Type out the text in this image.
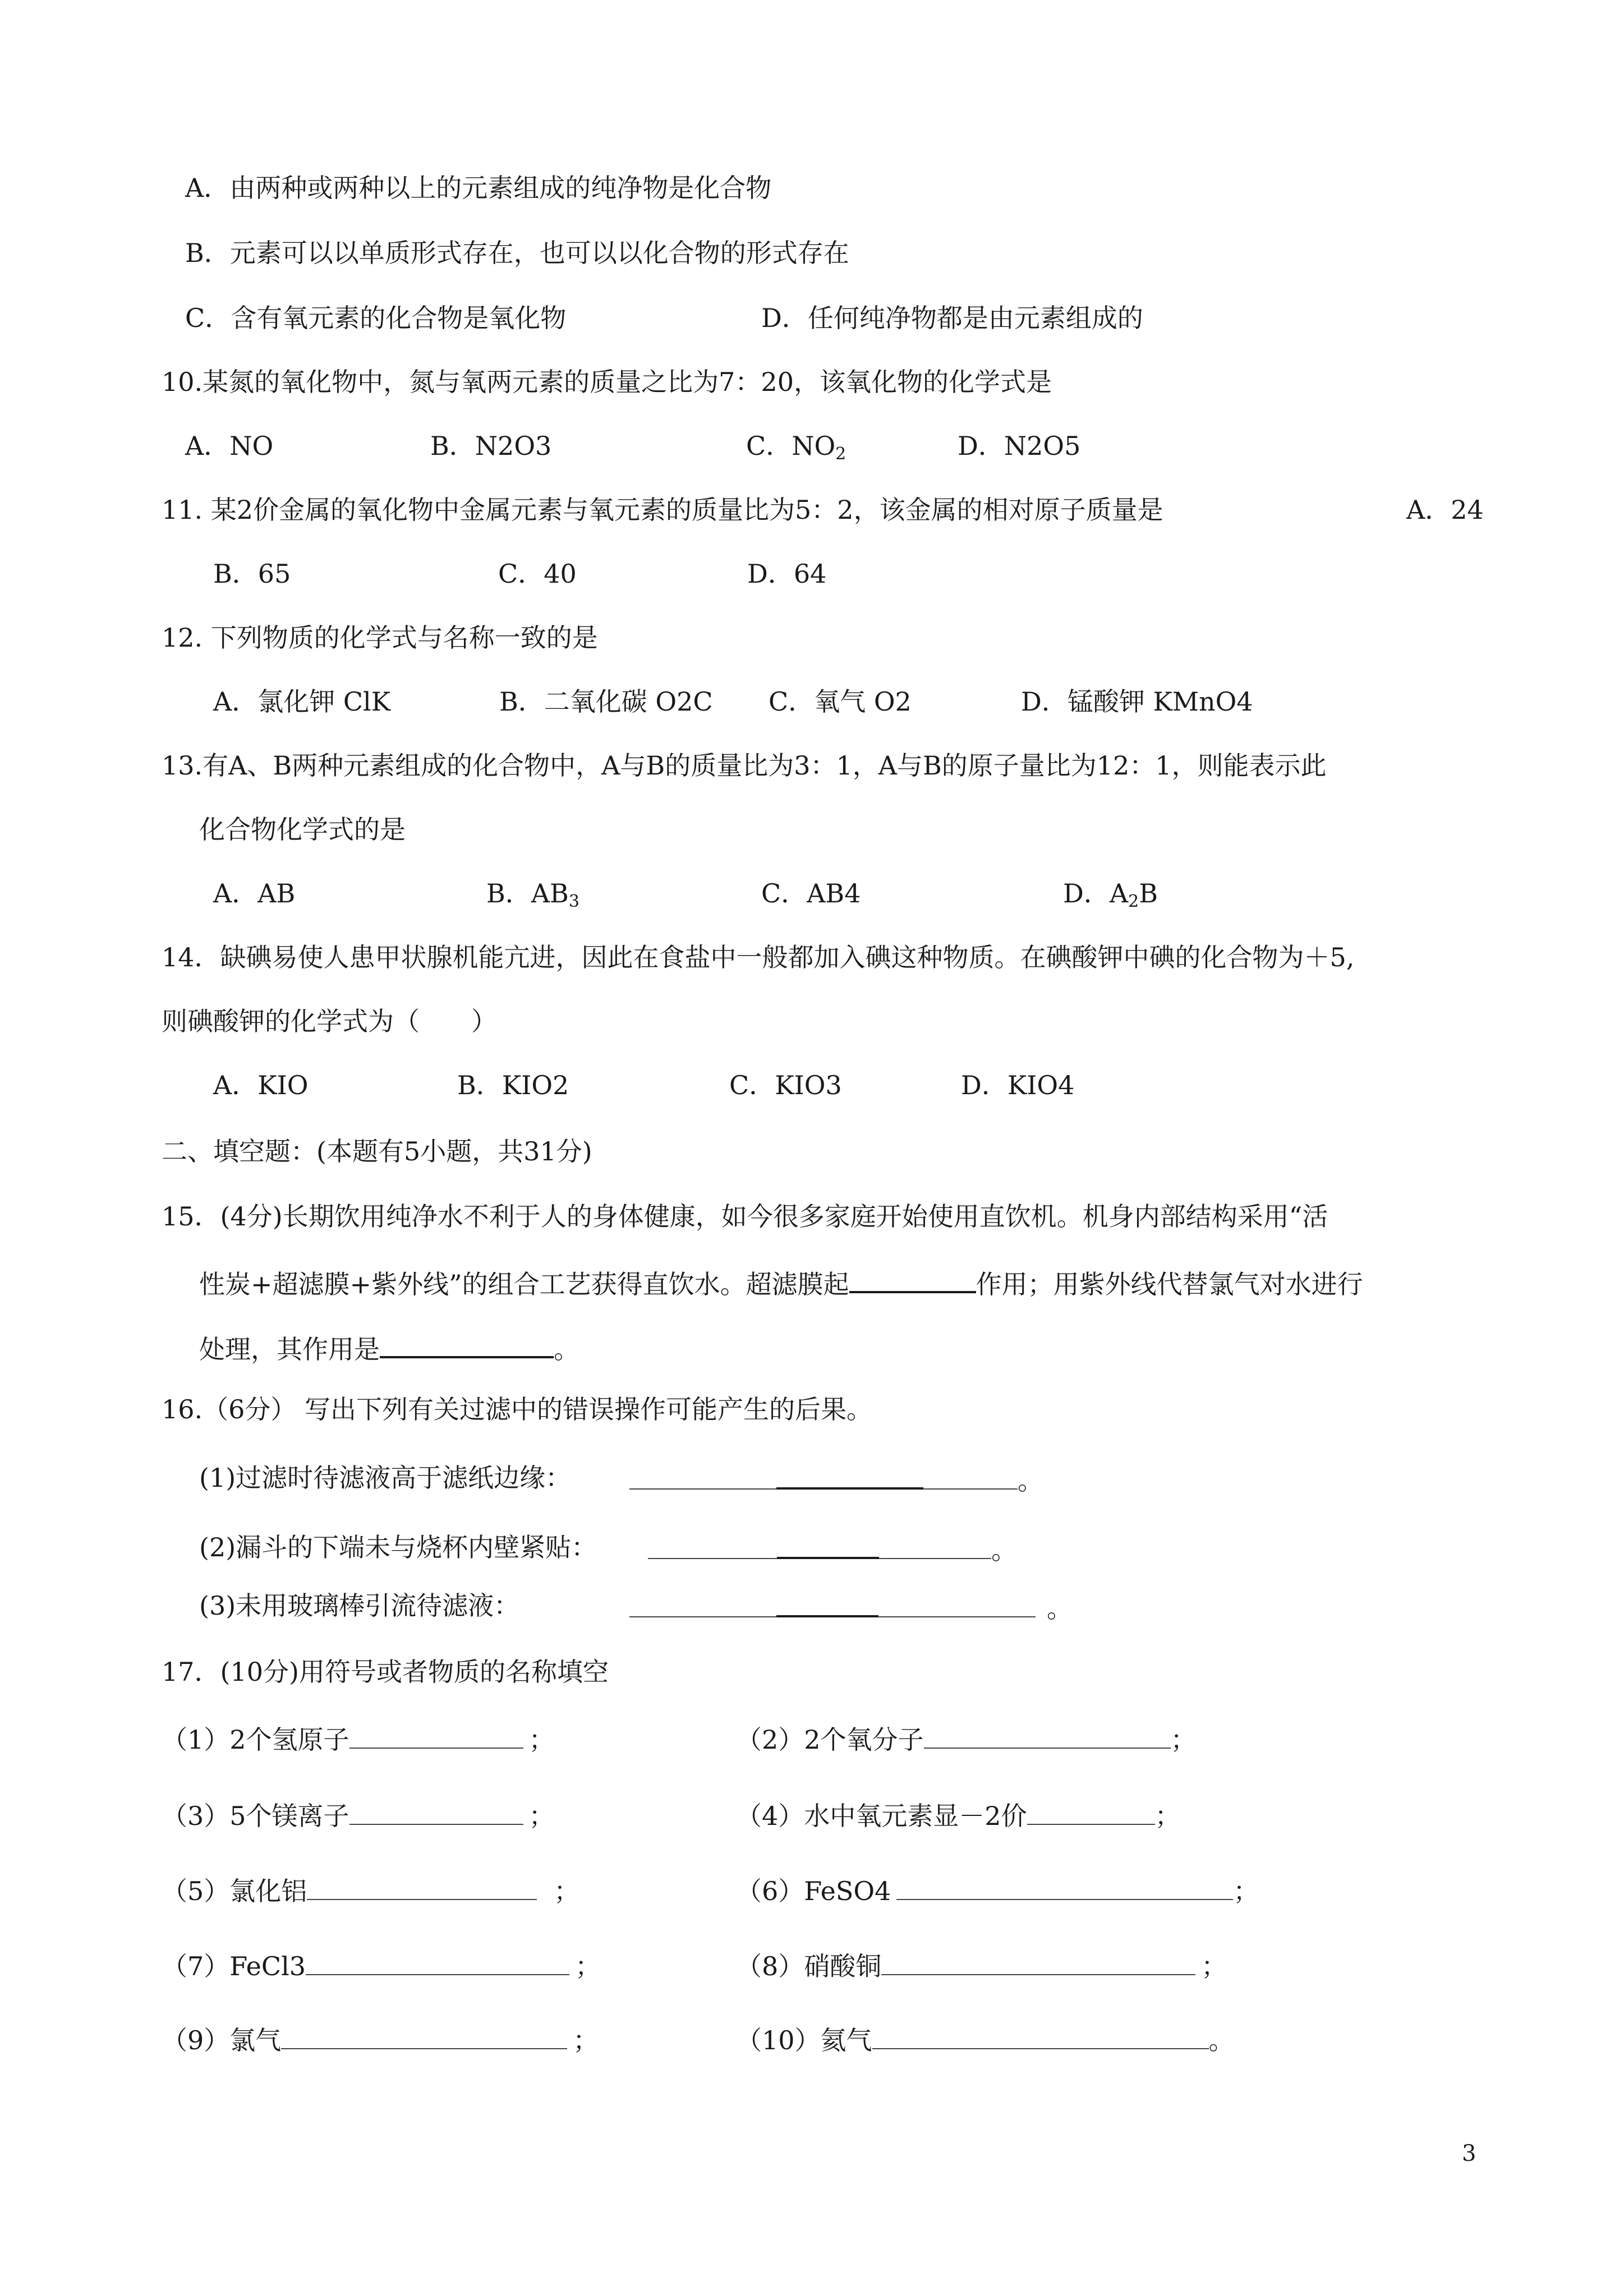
A．由两种或两种以上的元素组成的纯净物是化合物
B．元素可以以单质形式存在，也可以以化合物的形式存在
C．含有氧元素的化合物是氧化物	D．任何纯净物都是由元素组成的
10.某氮的氧化物中，氮与氧两元素的质量之比为7：20，该氧化物的化学式是
A．NO	B．N2O3	C．$NO_2$	D．N2O5
11. 某2价金属的氧化物中金属元素与氧元素的质量比为5：2，该金属的相对原子质量是	A．24
B．65	C．40	D．64
12. 下列物质的化学式与名称一致的是
A．氯化钾 ClK	B．二氧化碳 O2C C．氧气 O2	D．锰酸钾 KMnO4
13.有A、B两种元素组成的化合物中，A与B的质量比为3：1，A与B的原子量比为12：1，则能表示此
化合物化学式的是
A．AB	B．$AB_3$	C．AB4	D．$A_2B$
14．缺碘易使人患甲状腺机能亢进，因此在食盐中一般都加入碘这种物质。在碘酸钾中碘的化合物为＋5,
则碘酸钾的化学式为（　　）
A．KIO	B．KIO2	C．KIO3	D．KIO4
二、填空题：(本题有5小题，共31分)
15．(4分)长期饮用纯净水不利于人的身体健康，如今很多家庭开始使用直饮机。机身内部结构采用“活
性炭+超滤膜+紫外线”的组合工艺获得直饮水。超滤膜起	作用；用紫外线代替氯气对水进行
处理，其作用是	。
16.（6分） 写出下列有关过滤中的错误操作可能产生的后果。
(1)过滤时待滤液高于滤纸边缘：	。
(2)漏斗的下端未与烧杯内壁紧贴：	。
(3)未用玻璃棒引流待滤液：	。
17．(10分)用符号或者物质的名称填空
（1）2个氢原子	；	（2）2个氧分子	；
（3）5个镁离子	；	（4）水中氧元素显－2价	；
（5）氯化铝	；	（6）FeSO4	；
（7）FeCl3	；	（8）硝酸铜	；
（9）氯气	；	（10）氦气	。
3
